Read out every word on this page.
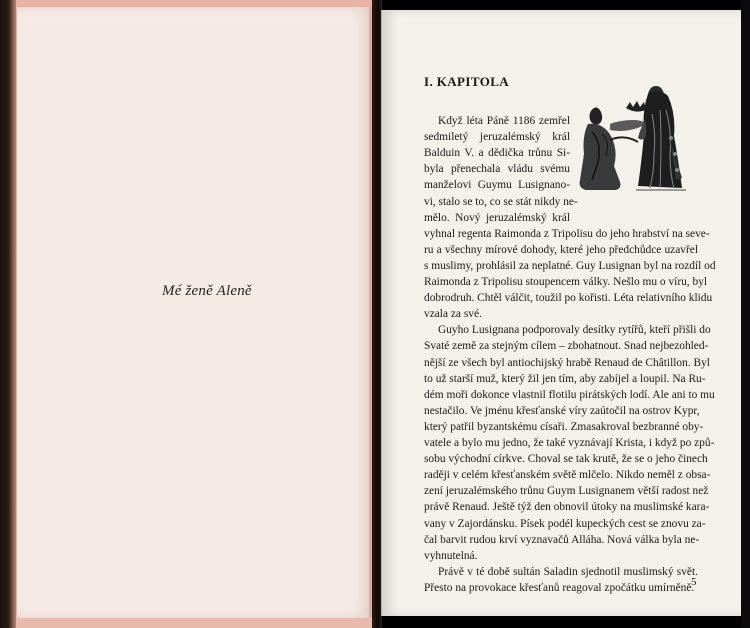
Mé ženě Aleně
I. KAPITOLA
Když léta Páně 1186 zemřel
sedmiletý jeruzalémský král
Balduin V. a dědička trůnu Si-
byla přenechala vládu svému
manželovi Guymu Lusignano-
vi, stalo se to, co se stát nikdy ne-
mělo. Nový jeruzalémský král
vyhnal regenta Raimonda z Tripolisu do jeho hrabství na seve-
ru a všechny mírové dohody, které jeho předchůdce uzavřel
s muslimy, prohlásil za neplatné. Guy Lusignan byl na rozdíl od
Raimonda z Tripolisu stoupencem války. Nešlo mu o víru, byl
dobrodruh. Chtěl válčit, toužil po kořisti. Léta relativního klidu
vzala za své.
Guyho Lusignana podporovaly desítky rytířů, kteří přišli do
Svaté země za stejným cílem – zbohatnout. Snad nejbezohled-
nější ze všech byl antiochijský hrabě Renaud de Châtillon. Byl
to už starší muž, který žil jen tím, aby zabíjel a loupil. Na Ru-
dém moři dokonce vlastnil flotilu pirátských lodí. Ale ani to mu
nestačilo. Ve jménu křesťanské víry zaútočil na ostrov Kypr,
který patřil byzantskému císaři. Zmasakroval bezbranné oby-
vatele a bylo mu jedno, že také vyznávají Krista, i když po způ-
sobu východní církve. Choval se tak krutě, že se o jeho činech
raději v celém křesťanském světě mlčelo. Nikdo neměl z obsa-
zení jeruzalémského trůnu Guym Lusignanem větší radost než
právě Renaud. Ještě týž den obnovil útoky na muslimské kara-
vany v Zajordánsku. Písek podél kupeckých cest se znovu za-
čal barvit rudou krví vyznavačů Alláha. Nová válka byla ne-
vyhnutelná.
Právě v té době sultán Saladin sjednotil muslimský svět.
Přesto na provokace křesťanů reagoval zpočátku umírněně.
5
